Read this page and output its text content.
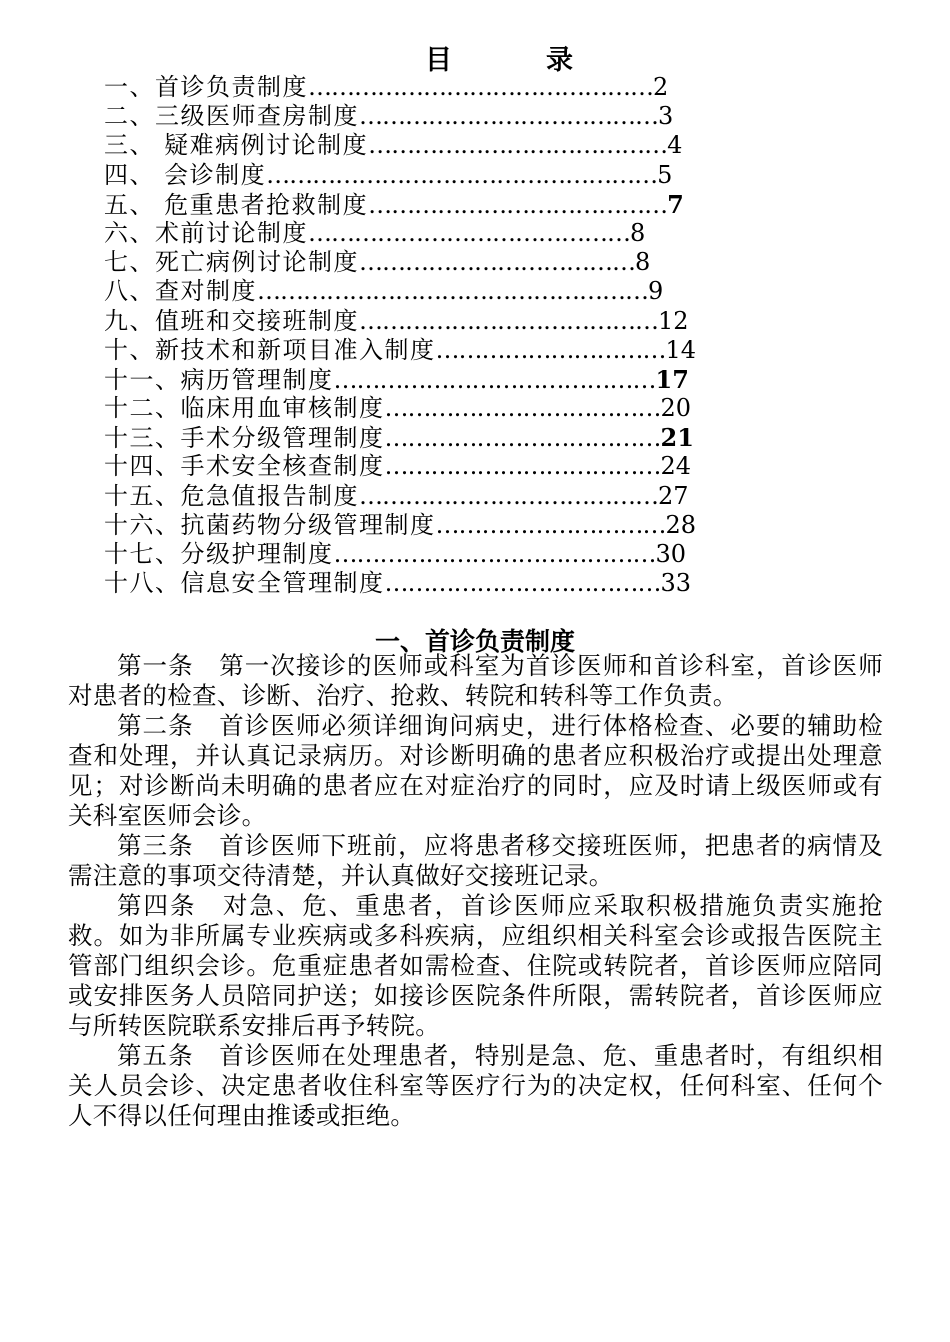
目	录
一、首诊负责制度………………………………………2
二、三级医师查房制度…………………………………3
三、 疑难病例讨论制度…………………………………4
四、 会诊制度……………………………………………5
五、 危重患者抢救制度…………………………………7
六、术前讨论制度……………………………………8
七、死亡病例讨论制度………………………………8
八、查对制度……………………………………………9
九、值班和交接班制度…………………………………12
十、新技术和新项目准入制度…………………………14
十一、病历管理制度……………………………………17
十二、临床用血审核制度………………………………20
十三、手术分级管理制度………………………………21
十四、手术安全核查制度………………………………24
十五、危急值报告制度…………………………………27
十六、抗菌药物分级管理制度…………………………28
十七、分级护理制度……………………………………30
十八、信息安全管理制度………………………………33
一、首诊负责制度

第一条　第一次接诊的医师或科室为首诊医师和首诊科室，首诊医师对患者的检查、诊断、治疗、抢救、转院和转科等工作负责。

第二条　首诊医师必须详细询问病史，进行体格检查、必要的辅助检查和处理，并认真记录病历。对诊断明确的患者应积极治疗或提出处理意见；对诊断尚未明确的患者应在对症治疗的同时，应及时请上级医师或有关科室医师会诊。

第三条　首诊医师下班前，应将患者移交接班医师，把患者的病情及需注意的事项交待清楚，并认真做好交接班记录。

第四条　对急、危、重患者，首诊医师应采取积极措施负责实施抢救。如为非所属专业疾病或多科疾病，应组织相关科室会诊或报告医院主管部门组织会诊。危重症患者如需检查、住院或转院者，首诊医师应陪同或安排医务人员陪同护送；如接诊医院条件所限，需转院者，首诊医师应与所转医院联系安排后再予转院。

第五条　首诊医师在处理患者，特别是急、危、重患者时，有组织相关人员会诊、决定患者收住科室等医疗行为的决定权，任何科室、任何个人不得以任何理由推诿或拒绝。
